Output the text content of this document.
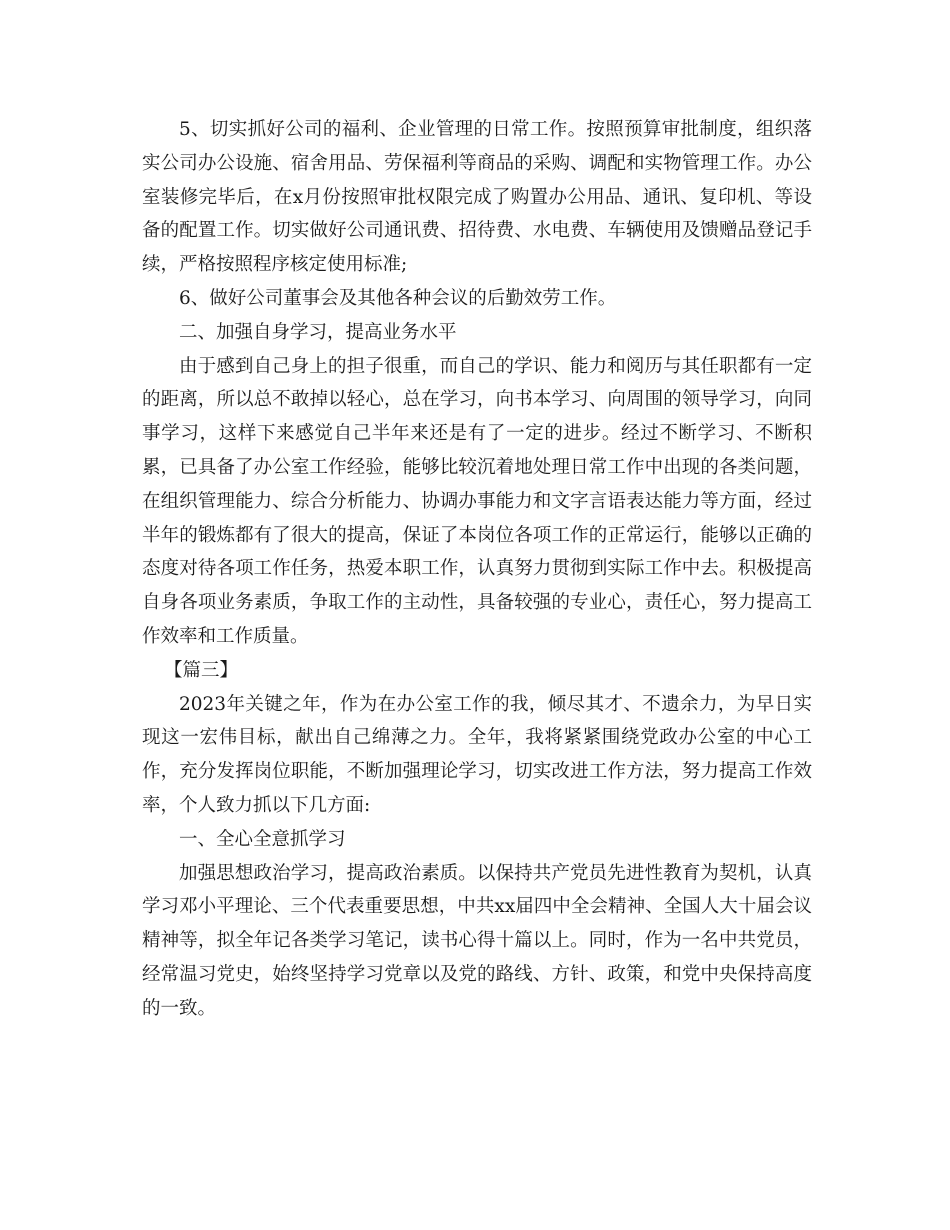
5、切实抓好公司的福利、企业管理的日常工作。按照预算审批制度，组织落实公司办公设施、宿舍用品、劳保福利等商品的采购、调配和实物管理工作。办公室装修完毕后，在x月份按照审批权限完成了购置办公用品、通讯、复印机、等设备的配置工作。切实做好公司通讯费、招待费、水电费、车辆使用及馈赠品登记手续，严格按照程序核定使用标准;

6、做好公司董事会及其他各种会议的后勤效劳工作。

二、加强自身学习，提高业务水平

由于感到自己身上的担子很重，而自己的学识、能力和阅历与其任职都有一定的距离，所以总不敢掉以轻心，总在学习，向书本学习、向周围的领导学习，向同事学习，这样下来感觉自己半年来还是有了一定的进步。经过不断学习、不断积累，已具备了办公室工作经验，能够比较沉着地处理日常工作中出现的各类问题，在组织管理能力、综合分析能力、协调办事能力和文字言语表达能力等方面，经过半年的锻炼都有了很大的提高，保证了本岗位各项工作的正常运行，能够以正确的态度对待各项工作任务，热爱本职工作，认真努力贯彻到实际工作中去。积极提高自身各项业务素质，争取工作的主动性，具备较强的专业心，责任心，努力提高工作效率和工作质量。

【篇三】

2023年关键之年，作为在办公室工作的我，倾尽其才、不遗余力，为早日实现这一宏伟目标，献出自己绵薄之力。全年，我将紧紧围绕党政办公室的中心工作，充分发挥岗位职能，不断加强理论学习，切实改进工作方法，努力提高工作效率，个人致力抓以下几方面:

一、全心全意抓学习

加强思想政治学习，提高政治素质。以保持共产党员先进性教育为契机，认真学习邓小平理论、三个代表重要思想，中共xx届四中全会精神、全国人大十届会议精神等，拟全年记各类学习笔记，读书心得十篇以上。同时，作为一名中共党员，经常温习党史，始终坚持学习党章以及党的路线、方针、政策，和党中央保持高度的一致。
